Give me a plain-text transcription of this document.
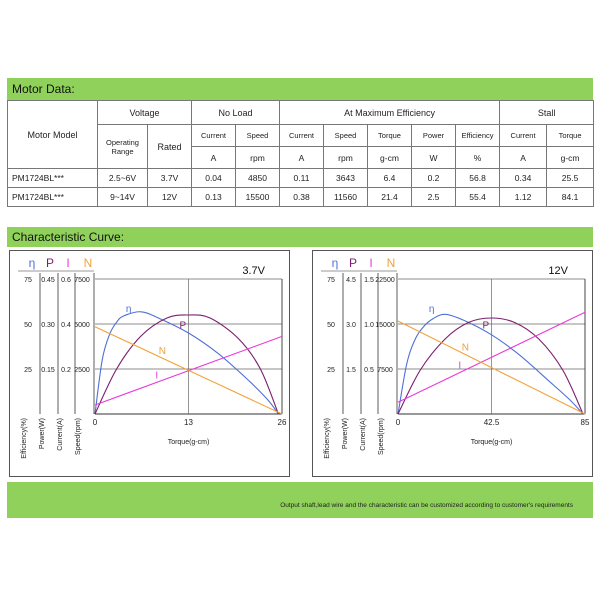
Motor Data:
Motor Model	Voltage		No Load		At Maximum Efficiency					Stall	
	Operating Range	Rated	Current	Speed	Current	Speed	Torque	Power	Efficiency	Current	Torque
			A	rpm	A	rpm	g-cm	W	%	A	g-cm
PM1724BL***	2.5~6V	3.7V	0.04	4850	0.11	3643	6.4	0.2	56.8	0.34	25.5
PM1724BL***	9~14V	12V	0.13	15500	0.38	11560	21.4	2.5	55.4	1.12	84.1
Characteristic Curve:
η P I N
25
50
75
0.15
0.30
0.45
0.2
0.4
0.6
2500
5000
7500
0	13	26
Torque(g-cm)
Efficiency(%) Power(W) Current(A) Speed(rpm)
3.7V
η
P
N
I
η P I N
25
50
75
1.5
3.0
4.5
0.5
1.0
1.5
7500
15000
22500
0	42.5	85
Torque(g-cm)
Efficiency(%) Power(W) Current(A) Speed(rpm)
12V
η
P
N
I
Output shaft,lead wire and the characteristic can be customized according to customer's requirements
